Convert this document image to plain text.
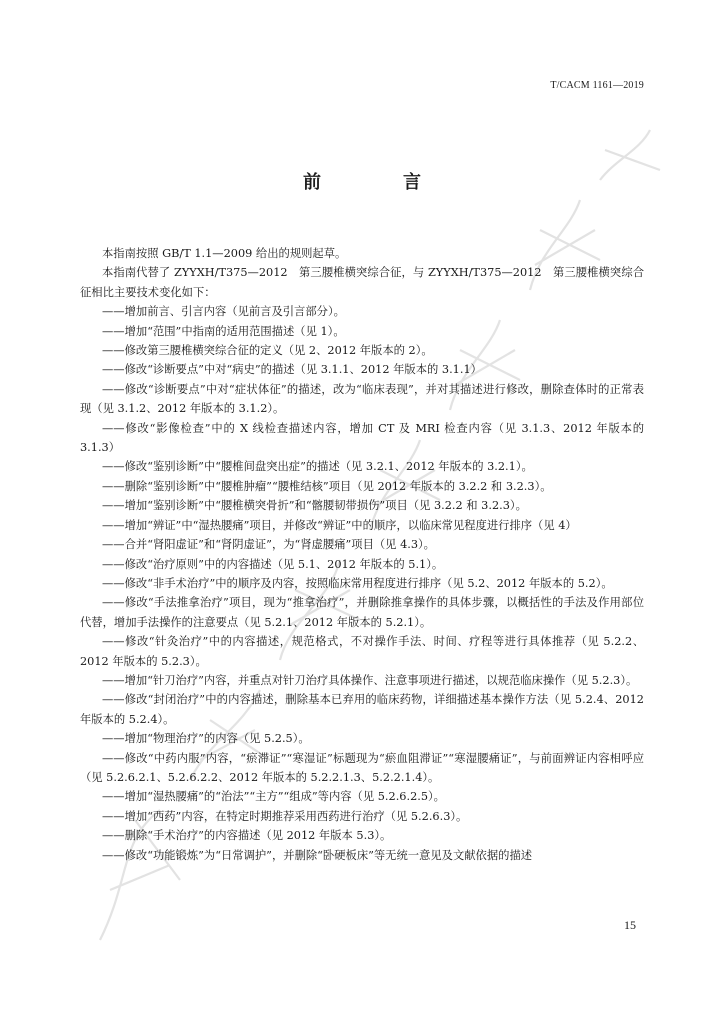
T/CACM 1161—2019
前　言

本指南按照 GB/T 1.1—2009 给出的规则起草。

本指南代替了 ZYYXH/T375—2012　第三腰椎横突综合征，与 ZYYXH/T375—2012　第三腰椎横突综合征相比主要技术变化如下：

——增加前言、引言内容（见前言及引言部分）。

——增加“范围”中指南的适用范围描述（见 1）。

——修改第三腰椎横突综合征的定义（见 2、2012 年版本的 2）。

——修改“诊断要点”中对“病史”的描述（见 3.1.1、2012 年版本的 3.1.1）

——修改“诊断要点”中对“症状体征”的描述，改为“临床表现”，并对其描述进行修改，删除查体时的正常表现（见 3.1.2、2012 年版本的 3.1.2）。

——修改“影像检查”中的 X 线检查描述内容，增加 CT 及 MRI 检查内容（见 3.1.3、2012 年版本的 3.1.3）

——修改“鉴别诊断”中“腰椎间盘突出症”的描述（见 3.2.1、2012 年版本的 3.2.1）。

——删除“鉴别诊断”中“腰椎肿瘤”“腰椎结核”项目（见 2012 年版本的 3.2.2 和 3.2.3）。

——增加“鉴别诊断”中“腰椎横突骨折”和“髂腰韧带损伤”项目（见 3.2.2 和 3.2.3）。

——增加“辨证”中“湿热腰痛”项目，并修改“辨证”中的顺序，以临床常见程度进行排序（见 4）

——合并“肾阳虚证”和“肾阴虚证”，为“肾虚腰痛”项目（见 4.3）。

——修改“治疗原则”中的内容描述（见 5.1、2012 年版本的 5.1）。

——修改“非手术治疗”中的顺序及内容，按照临床常用程度进行排序（见 5.2、2012 年版本的 5.2）。

——修改“手法推拿治疗”项目，现为“推拿治疗”，并删除推拿操作的具体步骤，以概括性的手法及作用部位代替，增加手法操作的注意要点（见 5.2.1、2012 年版本的 5.2.1）。

——修改“针灸治疗”中的内容描述，规范格式，不对操作手法、时间、疗程等进行具体推荐（见 5.2.2、2012 年版本的 5.2.3）。

——增加“针刀治疗”内容，并重点对针刀治疗具体操作、注意事项进行描述，以规范临床操作（见 5.2.3）。

——修改“封闭治疗”中的内容描述，删除基本已弃用的临床药物，详细描述基本操作方法（见 5.2.4、2012 年版本的 5.2.4）。

——增加“物理治疗”的内容（见 5.2.5）。

——修改“中药内服”内容，“瘀滞证”“寒湿证”标题现为“瘀血阻滞证”“寒湿腰痛证”，与前面辨证内容相呼应（见 5.2.6.2.1、5.2.6.2.2、2012 年版本的 5.2.2.1.3、5.2.2.1.4）。

——增加“湿热腰痛”的“治法”“主方”“组成”等内容（见 5.2.6.2.5）。

——增加“西药”内容，在特定时期推荐采用西药进行治疗（见 5.2.6.3）。

——删除“手术治疗”的内容描述（见 2012 年版本 5.3）。

——修改“功能锻炼”为“日常调护”，并删除“卧硬板床”等无统一意见及文献依据的描述

15
